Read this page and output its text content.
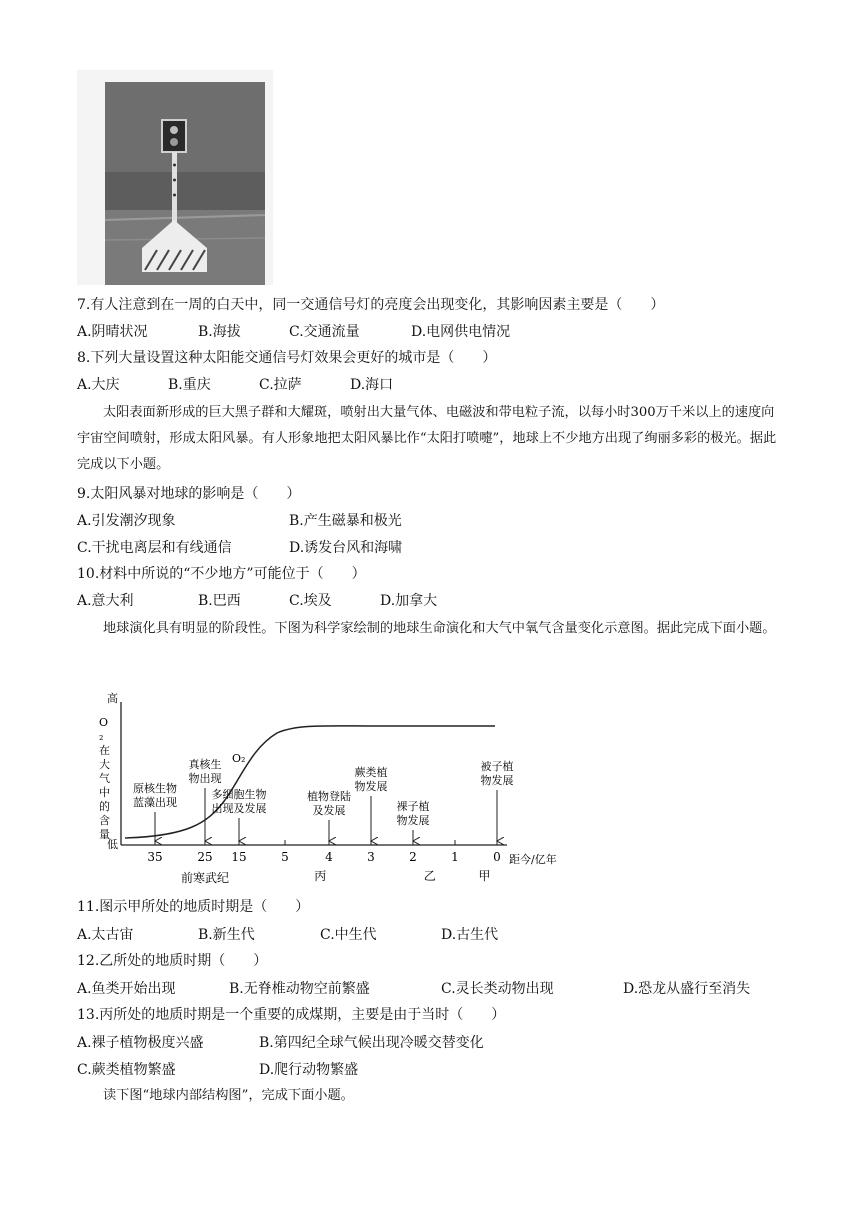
7.有人注意到在一周的白天中，同一交通信号灯的亮度会出现变化，其影响因素主要是（　　）
A.阴晴状况	B.海拔	C.交通流量	D.电网供电情况
8.下列大量设置这种太阳能交通信号灯效果会更好的城市是（　　）
A.大庆	B.重庆	C.拉萨	D.海口
太阳表面新形成的巨大黑子群和大耀斑，喷射出大量气体、电磁波和带电粒子流，以每小时300万千米以上的速度向宇宙空间喷射，形成太阳风暴。有人形象地把太阳风暴比作“太阳打喷嚏”，地球上不少地方出现了绚丽多彩的极光。据此完成以下小题。
9.太阳风暴对地球的影响是（　　）
A.引发潮汐现象	B.产生磁暴和极光
C.干扰电离层和有线通信	D.诱发台风和海啸
10.材料中所说的“不少地方”可能位于（　　）
A.意大利	B.巴西	C.埃及	D.加拿大
地球演化具有明显的阶段性。下图为科学家绘制的地球生命演化和大气中氧气含量变化示意图。据此完成下面小题。
高
低
O ₂ 在大气中的含量
距今/亿年
O₂
35	25 15	5	4	3	2	1	0
原核生物
蓝藻出现
真核生
物出现
多细胞生物
出现及发展
植物登陆
及发展
蕨类植
物发展
裸子植
物发展
被子植
物发展
前寒武纪	丙	乙	甲
11.图示甲所处的地质时期是（　　）
A.太古宙	B.新生代	C.中生代	D.古生代
12.乙所处的地质时期（　　）
A.鱼类开始出现	B.无脊椎动物空前繁盛	C.灵长类动物出现	D.恐龙从盛行至消失
13.丙所处的地质时期是一个重要的成煤期，主要是由于当时（　　）
A.裸子植物极度兴盛	B.第四纪全球气候出现冷暖交替变化
C.蕨类植物繁盛	D.爬行动物繁盛
读下图“地球内部结构图”，完成下面小题。
